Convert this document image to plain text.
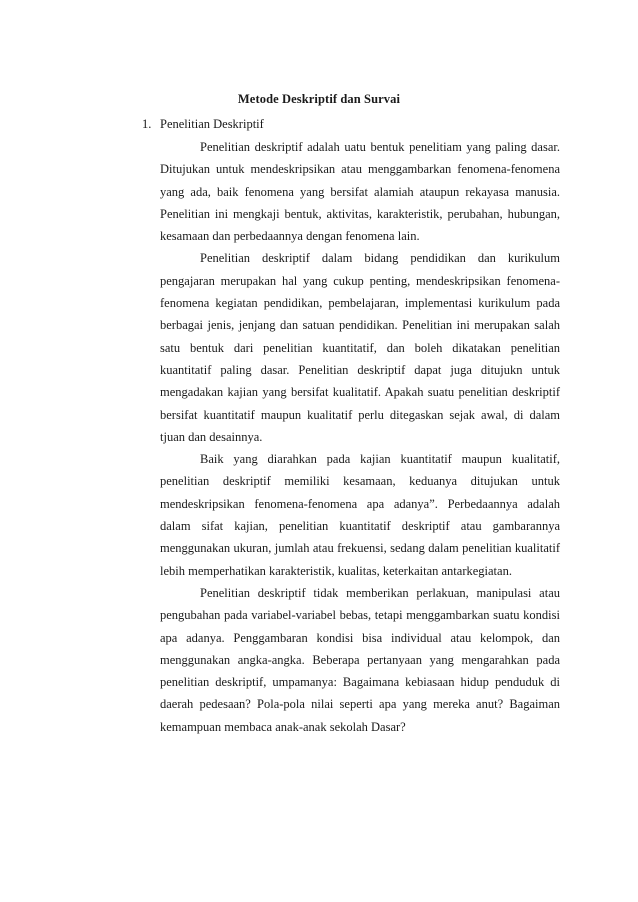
Metode Deskriptif dan Survai
1. Penelitian Deskriptif

Penelitian deskriptif adalah uatu bentuk penelitiam yang paling dasar. Ditujukan untuk mendeskripsikan atau menggambarkan fenomena-fenomena yang ada, baik fenomena yang bersifat alamiah ataupun rekayasa manusia. Penelitian ini mengkaji bentuk, aktivitas, karakteristik, perubahan, hubungan, kesamaan dan perbedaannya dengan fenomena lain.

Penelitian deskriptif dalam bidang pendidikan dan kurikulum pengajaran merupakan hal yang cukup penting, mendeskripsikan fenomena-fenomena kegiatan pendidikan, pembelajaran, implementasi kurikulum pada berbagai jenis, jenjang dan satuan pendidikan. Penelitian ini merupakan salah satu bentuk dari penelitian kuantitatif, dan boleh dikatakan penelitian kuantitatif paling dasar. Penelitian deskriptif dapat juga ditujukn untuk mengadakan kajian yang bersifat kualitatif. Apakah suatu penelitian deskriptif bersifat kuantitatif maupun kualitatif perlu ditegaskan sejak awal, di dalam tjuan dan desainnya.

Baik yang diarahkan pada kajian kuantitatif maupun kualitatif, penelitian deskriptif memiliki kesamaan, keduanya ditujukan untuk mendeskripsikan fenomena-fenomena apa adanya”. Perbedaannya adalah dalam sifat kajian, penelitian kuantitatif deskriptif atau gambarannya menggunakan ukuran, jumlah atau frekuensi, sedang dalam penelitian kualitatif lebih memperhatikan karakteristik, kualitas, keterkaitan antarkegiatan.

Penelitian deskriptif tidak memberikan perlakuan, manipulasi atau pengubahan pada variabel-variabel bebas, tetapi menggambarkan suatu kondisi apa adanya. Penggambaran kondisi bisa individual atau kelompok, dan menggunakan angka-angka. Beberapa pertanyaan yang mengarahkan pada penelitian deskriptif, umpamanya: Bagaimana kebiasaan hidup penduduk di daerah pedesaan? Pola-pola nilai seperti apa yang mereka anut? Bagaiman kemampuan membaca anak-anak sekolah Dasar?
